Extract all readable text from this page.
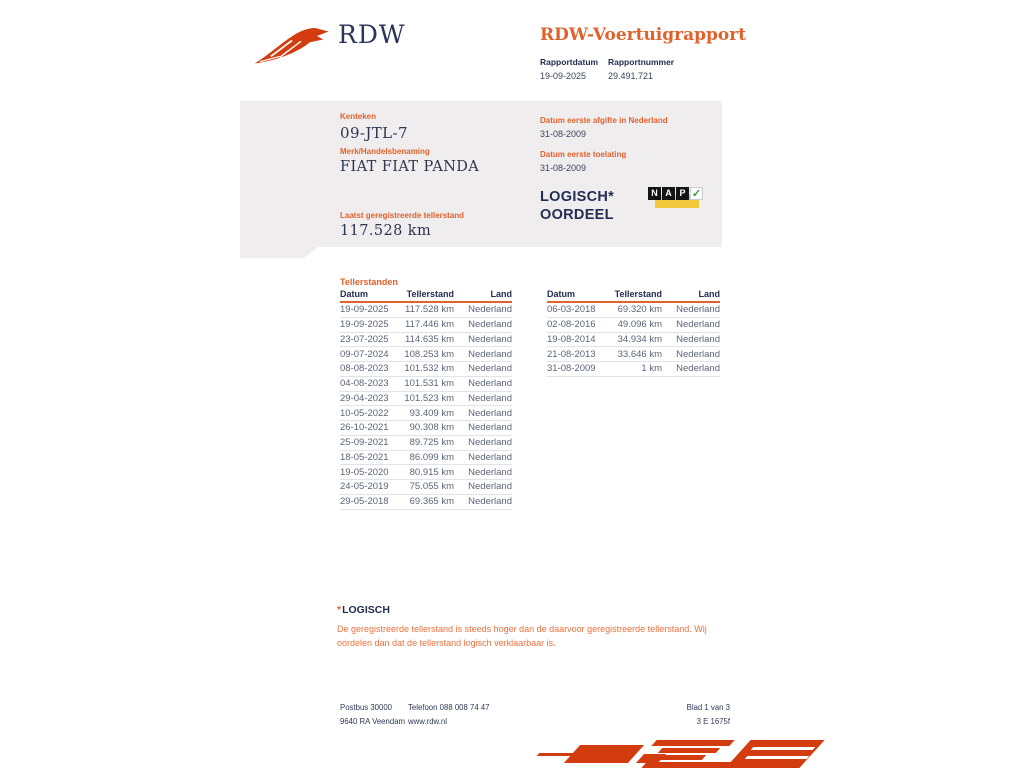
RDW	RDW-Voertuigrapport
Rapportdatum
19-09-2025
Rapportnummer
29.491.721
Kenteken
09-JTL-7
Merk/Handelsbenaming
FIAT FIAT PANDA
Laatst geregistreerde tellerstand
117.528 km
Datum eerste afgifte in Nederland
31-08-2009
Datum eerste toelating
31-08-2009
LOGISCH*
OORDEEL
N A P ✓
Tellerstanden
Datum	Tellerstand	Land
19-09-2025	117.528 km	Nederland
19-09-2025	117.446 km	Nederland
23-07-2025	114.635 km	Nederland
09-07-2024	108.253 km	Nederland
08-08-2023	101.532 km	Nederland
04-08-2023	101.531 km	Nederland
29-04-2023	101.523 km	Nederland
10-05-2022	93.409 km	Nederland
26-10-2021	90.308 km	Nederland
25-09-2021	89.725 km	Nederland
18-05-2021	86.099 km	Nederland
19-05-2020	80.915 km	Nederland
24-05-2019	75.055 km	Nederland
29-05-2018	69.365 km	Nederland
Datum	Tellerstand	Land
06-03-2018	69.320 km	Nederland
02-08-2016	49.096 km	Nederland
19-08-2014	34.934 km	Nederland
21-08-2013	33.646 km	Nederland
31-08-2009	1 km	Nederland
*LOGISCH
De geregistreerde tellerstand is steeds hoger dan de daarvoor geregistreerde tellerstand. Wij oordelen dan dat de tellerstand logisch verklaarbaar is.
Postbus 30000
9640 RA Veendam
Telefoon 088 008 74 47
www.rdw.nl
Blad 1 van 3
3 E 1675f
